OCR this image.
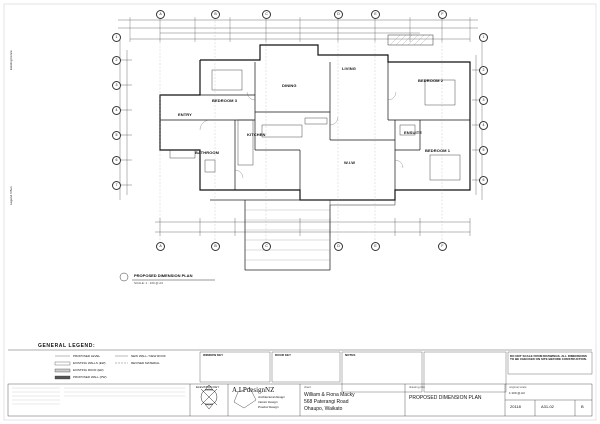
A	B	C	D	E	F
A	B	C	D	E	F
1
2
3
4
5
6
7
1
2
3
4
5
6
LIVING
BEDROOM 2
BEDROOM 3
DINING
ENTRY
KITCHEN
BATHROOM
ENSUITE
BEDROOM 1
W.I.W
Existing Fence
Legend / Plan
PROPOSED DIMENSION PLAN
SCALE: 1 : 100 @ A3
GENERAL LEGEND:
PROPOSED LEVEL
EXISTING WALLS (EW)
EXISTING ROOF (ER)
PROPOSED WALL (PW)
NEW WALL / NEW ROOF
REVISED MATERIAL
WINDOW KEY	DOOR KEY	NOTES	DO NOT SCALE FROM DRAWINGS. ALL DIMENSIONS TO BE CHECKED ON SITE BEFORE CONSTRUCTION.
ELEVATION KEY A.I.PdesignNZ
Architectural Design
Interior Design
Product Design
client
William & Fiona Macky
568 Paterangi Road
Ohaupo, Waikato
drawing title
PROPOSED DIMENSION PLAN
original scale
1:100 @ A3
20118	A31-02	B
